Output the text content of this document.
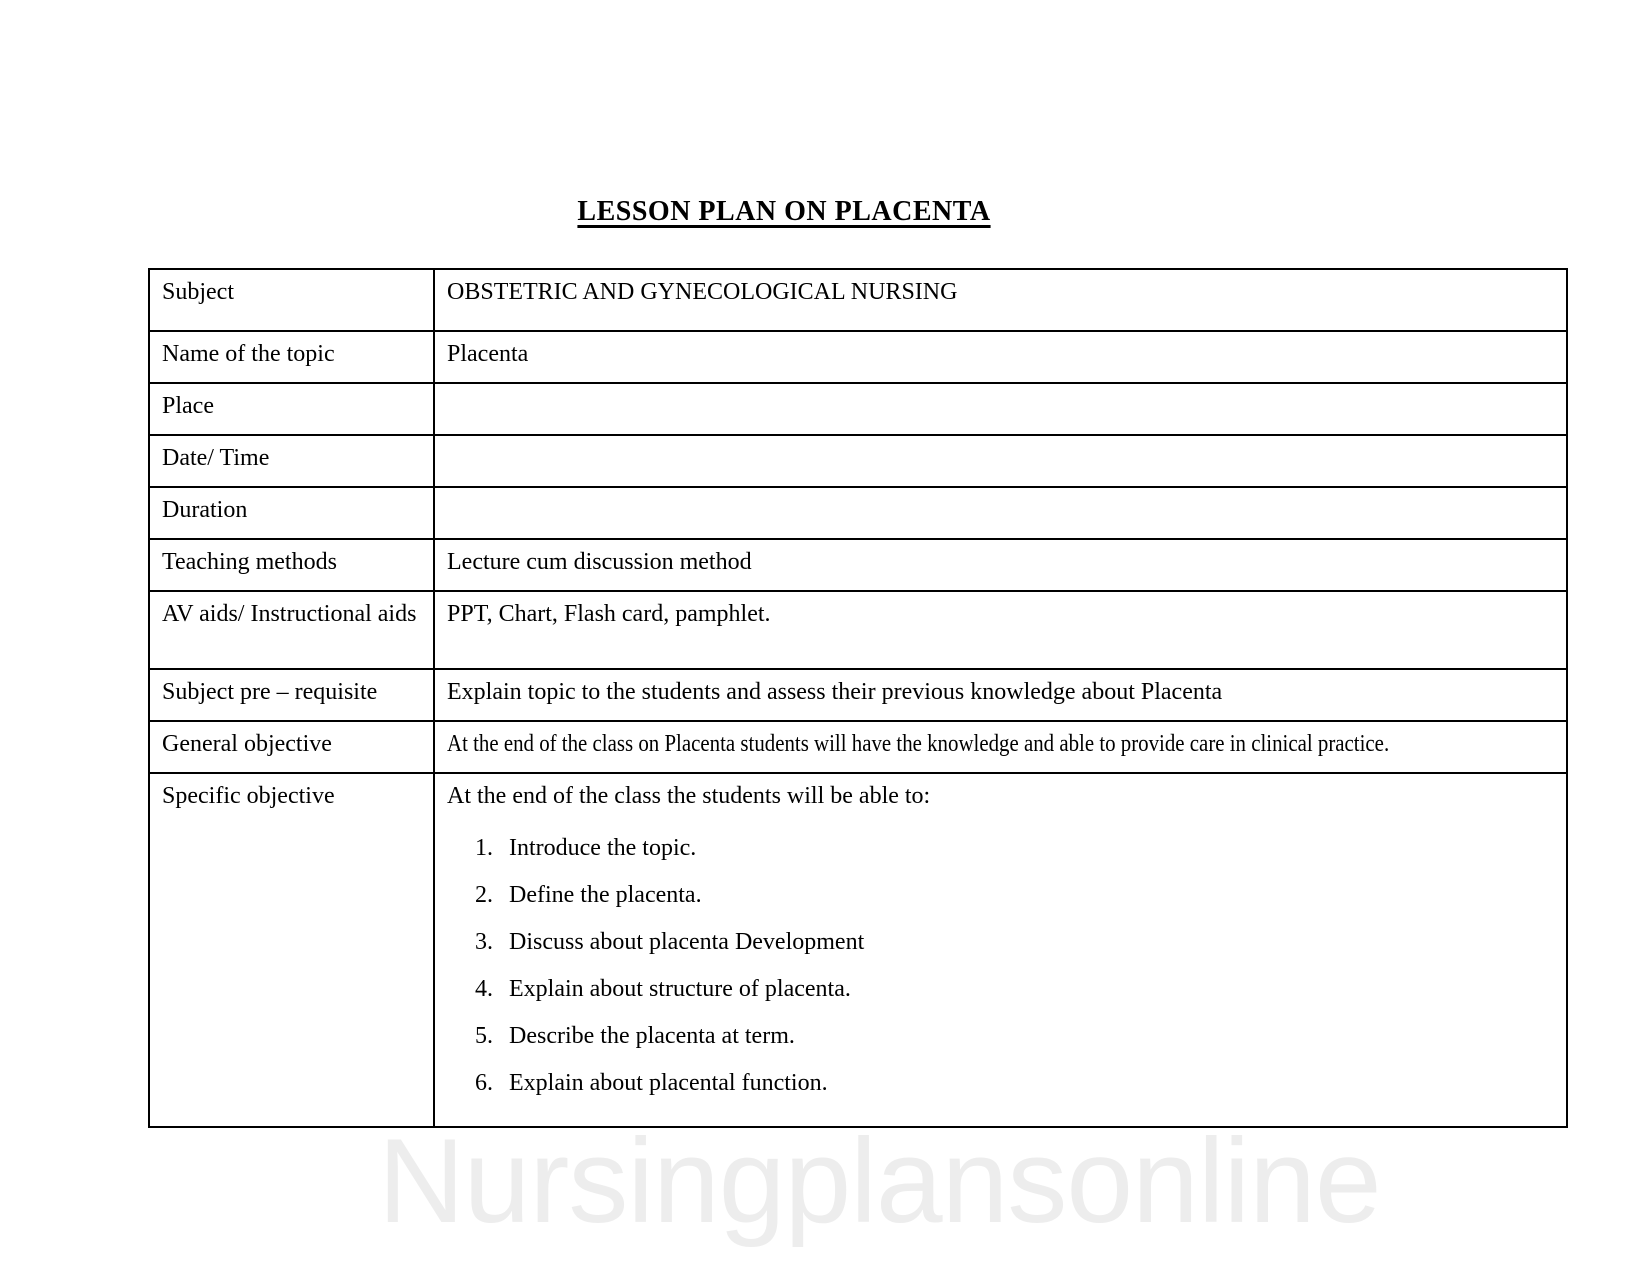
LESSON PLAN ON PLACENTA
Subject	OBSTETRIC AND GYNECOLOGICAL NURSING
Name of the topic	Placenta
Place	
Date/ Time	
Duration	
Teaching methods	Lecture cum discussion method
AV aids/ Instructional aids	PPT, Chart, Flash card, pamphlet.
Subject pre – requisite	Explain topic to the students and assess their previous knowledge about Placenta
General objective	At the end of the class on Placenta students will have the knowledge and able to provide care in clinical practice.
Specific objective	At the end of the class the students will be able to:
1. Introduce the topic.
2. Define the placenta.
3. Discuss about placenta Development
4. Explain about structure of placenta.
5. Describe the placenta at term.
6. Explain about placental function.
Nursingplansonline
